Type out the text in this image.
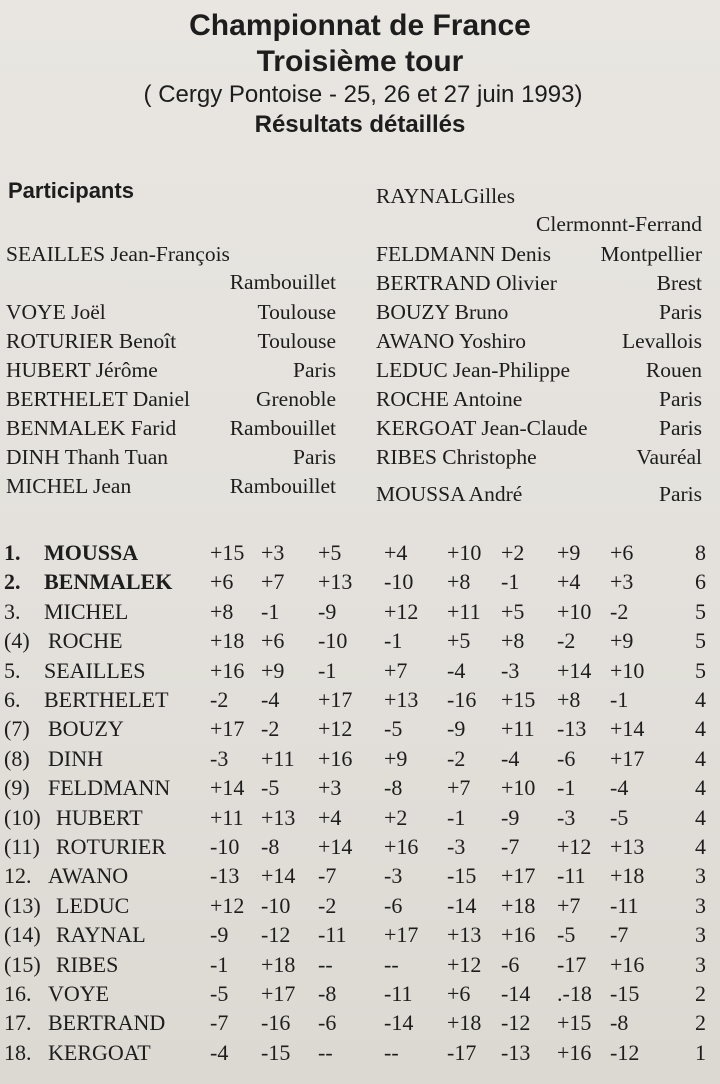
Championnat de France
Troisième tour
( Cergy Pontoise - 25, 26 et 27 juin 1993)
Résultats détaillés
Participants
SEAILLES Jean-François
Rambouillet
VOYE Joël	Toulouse
ROTURIER Benoît	Toulouse
HUBERT Jérôme	Paris
BERTHELET Daniel	Grenoble
BENMALEK Farid Rambouillet
DINH Thanh Tuan	Paris
MICHEL Jean	Rambouillet
RAYNALGilles
Clermonnt-Ferrand
FELDMANN Denis Montpellier
BERTRAND Olivier	Brest
BOUZY Bruno	Paris
AWANO Yoshiro	Levallois
LEDUC Jean-Philippe	Rouen
ROCHE Antoine	Paris
KERGOAT Jean-Claude	Paris
RIBES Christophe	Vauréal
MOUSSA André	Paris
1. MOUSSA	+15 +3 +5 +4 +10 +2 +9 +6	8
2. BENMALEK +6 +7 +13 -10 +8 -1 +4 +3	6
3. MICHEL	+8 -1 -9 +12 +11 +5 +10 -2	5
(4) ROCHE	+18 +6 -10 -1 +5 +8 -2 +9	5
5. SEAILLES	+16 +9 -1 +7 -4 -3 +14 +10 5
6. BERTHELET -2 -4 +17 +13 -16 +15 +8 -1	4
(7) BOUZY	+17 -2 +12 -5 -9 +11 -13 +14 4
(8) DINH	-3 +11 +16 +9 -2 -4 -6 +17 4
(9) FELDMANN +14 -5 +3 -8 +7 +10 -1 -4	4
(10) HUBERT	+11 +13 +4 +2 -1 -9 -3 -5	4
(11) ROTURIER -10 -8 +14 +16 -3 -7 +12 +13 4
12. AWANO	-13 +14 -7 -3 -15 +17 -11 +18 3
(13) LEDUC	+12 -10 -2 -6 -14 +18 +7 -11	3
(14) RAYNAL	-9 -12 -11 +17 +13 +16 -5 -7	3
(15) RIBES	-1 +18 -- -- +12 -6 -17 +16 3
16. VOYE	-5 +17 -8 -11 +6 -14 .-18 -15	2
17. BERTRAND -7 -16 -6 -14 +18 -12 +15 -8	2
18. KERGOAT	-4 -15 -- -- -17 -13 +16 -12	1
